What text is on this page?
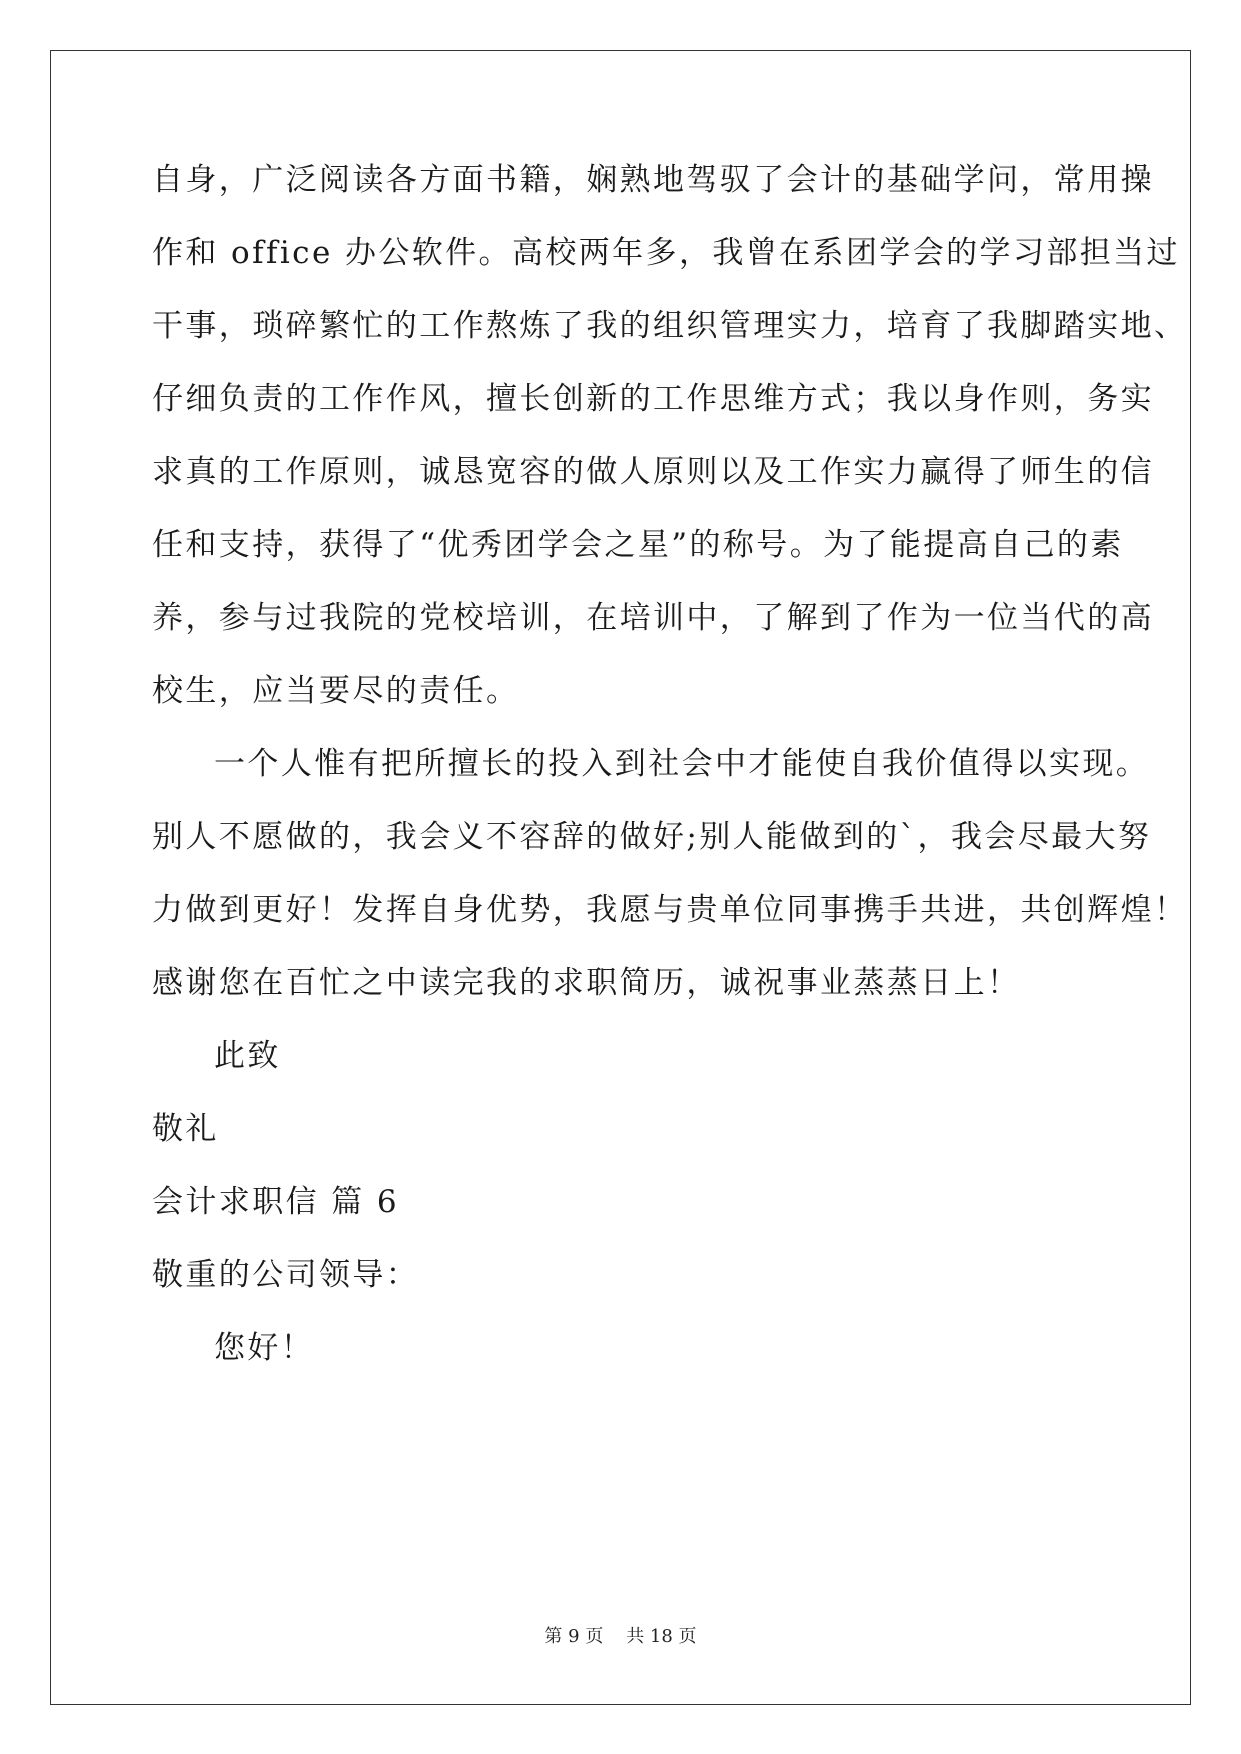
自身，广泛阅读各方面书籍，娴熟地驾驭了会计的基础学问，常用操
作和 office 办公软件。高校两年多，我曾在系团学会的学习部担当过
干事，琐碎繁忙的工作熬炼了我的组织管理实力，培育了我脚踏实地、
仔细负责的工作作风，擅长创新的工作思维方式；我以身作则，务实
求真的工作原则，诚恳宽容的做人原则以及工作实力赢得了师生的信
任和支持，获得了“优秀团学会之星”的称号。为了能提高自己的素
养，参与过我院的党校培训，在培训中，了解到了作为一位当代的高
校生，应当要尽的责任。
一个人惟有把所擅长的投入到社会中才能使自我价值得以实现。
别人不愿做的，我会义不容辞的做好;别人能做到的`，我会尽最大努
力做到更好！发挥自身优势，我愿与贵单位同事携手共进，共创辉煌！
感谢您在百忙之中读完我的求职简历，诚祝事业蒸蒸日上！
此致
敬礼
会计求职信 篇 6
敬重的公司领导：
您好！
第 9 页    共 18 页
